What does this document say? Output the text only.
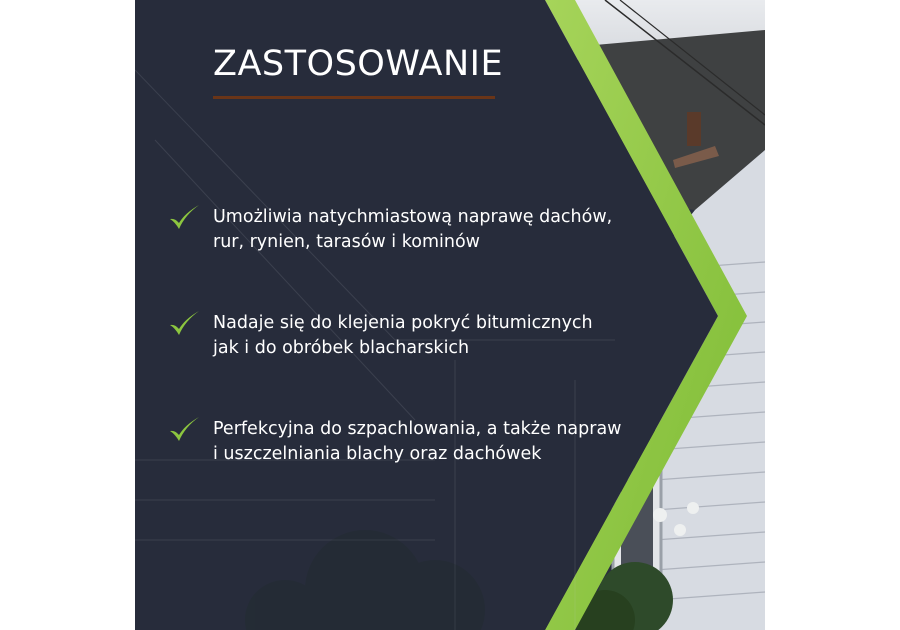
ZASTOSOWANIE
Umożliwia natychmiastową naprawę dachów,
rur, rynien, tarasów i kominów
Nadaje się do klejenia pokryć bitumicznych
jak i do obróbek blacharskich
Perfekcyjna do szpachlowania, a także napraw
i uszczelniania blachy oraz dachówek
